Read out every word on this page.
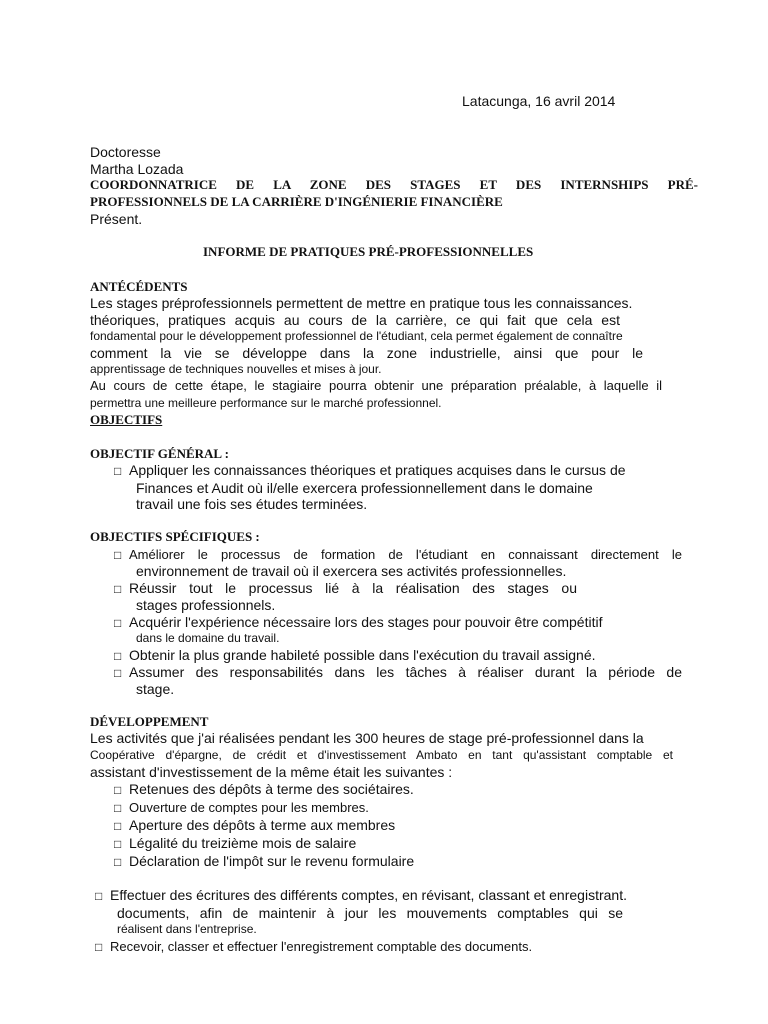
Latacunga, 16 avril 2014
Doctoresse
Martha Lozada
COORDONNATRICE DE LA ZONE DES STAGES ET DES INTERNSHIPS PRÉ-
PROFESSIONNELS DE LA CARRIÈRE D'INGÉNIERIE FINANCIÈRE
Présent.
INFORME DE PRATIQUES PRÉ-PROFESSIONNELLES
ANTÉCÉDENTS
Les stages préprofessionnels permettent de mettre en pratique tous les connaissances.
théoriques, pratiques acquis au cours de la carrière, ce qui fait que cela est
fondamental pour le développement professionnel de l'étudiant, cela permet également de connaître
comment la vie se développe dans la zone industrielle, ainsi que pour le
apprentissage de techniques nouvelles et mises à jour.
Au cours de cette étape, le stagiaire pourra obtenir une préparation préalable, à laquelle il
permettra une meilleure performance sur le marché professionnel.
OBJECTIFS
OBJECTIF GÉNÉRAL :
□ Appliquer les connaissances théoriques et pratiques acquises dans le cursus de
Finances et Audit où il/elle exercera professionnellement dans le domaine
travail une fois ses études terminées.
OBJECTIFS SPÉCIFIQUES :
□ Améliorer le processus de formation de l'étudiant en connaissant directement le
environnement de travail où il exercera ses activités professionnelles.
□ Réussir tout le processus lié à la réalisation des stages ou
stages professionnels.
□ Acquérir l'expérience nécessaire lors des stages pour pouvoir être compétitif
dans le domaine du travail.
□ Obtenir la plus grande habileté possible dans l'exécution du travail assigné.
□ Assumer des responsabilités dans les tâches à réaliser durant la période de
stage.
DÉVELOPPEMENT
Les activités que j'ai réalisées pendant les 300 heures de stage pré-professionnel dans la
Coopérative d'épargne, de crédit et d'investissement Ambato en tant qu'assistant comptable et
assistant d'investissement de la même était les suivantes :
□ Retenues des dépôts à terme des sociétaires.
□ Ouverture de comptes pour les membres.
□ Aperture des dépôts à terme aux membres
□ Légalité du treizième mois de salaire
□ Déclaration de l'impôt sur le revenu formulaire
□ Effectuer des écritures des différents comptes, en révisant, classant et enregistrant.
documents, afin de maintenir à jour les mouvements comptables qui se
réalisent dans l'entreprise.
□ Recevoir, classer et effectuer l'enregistrement comptable des documents.
